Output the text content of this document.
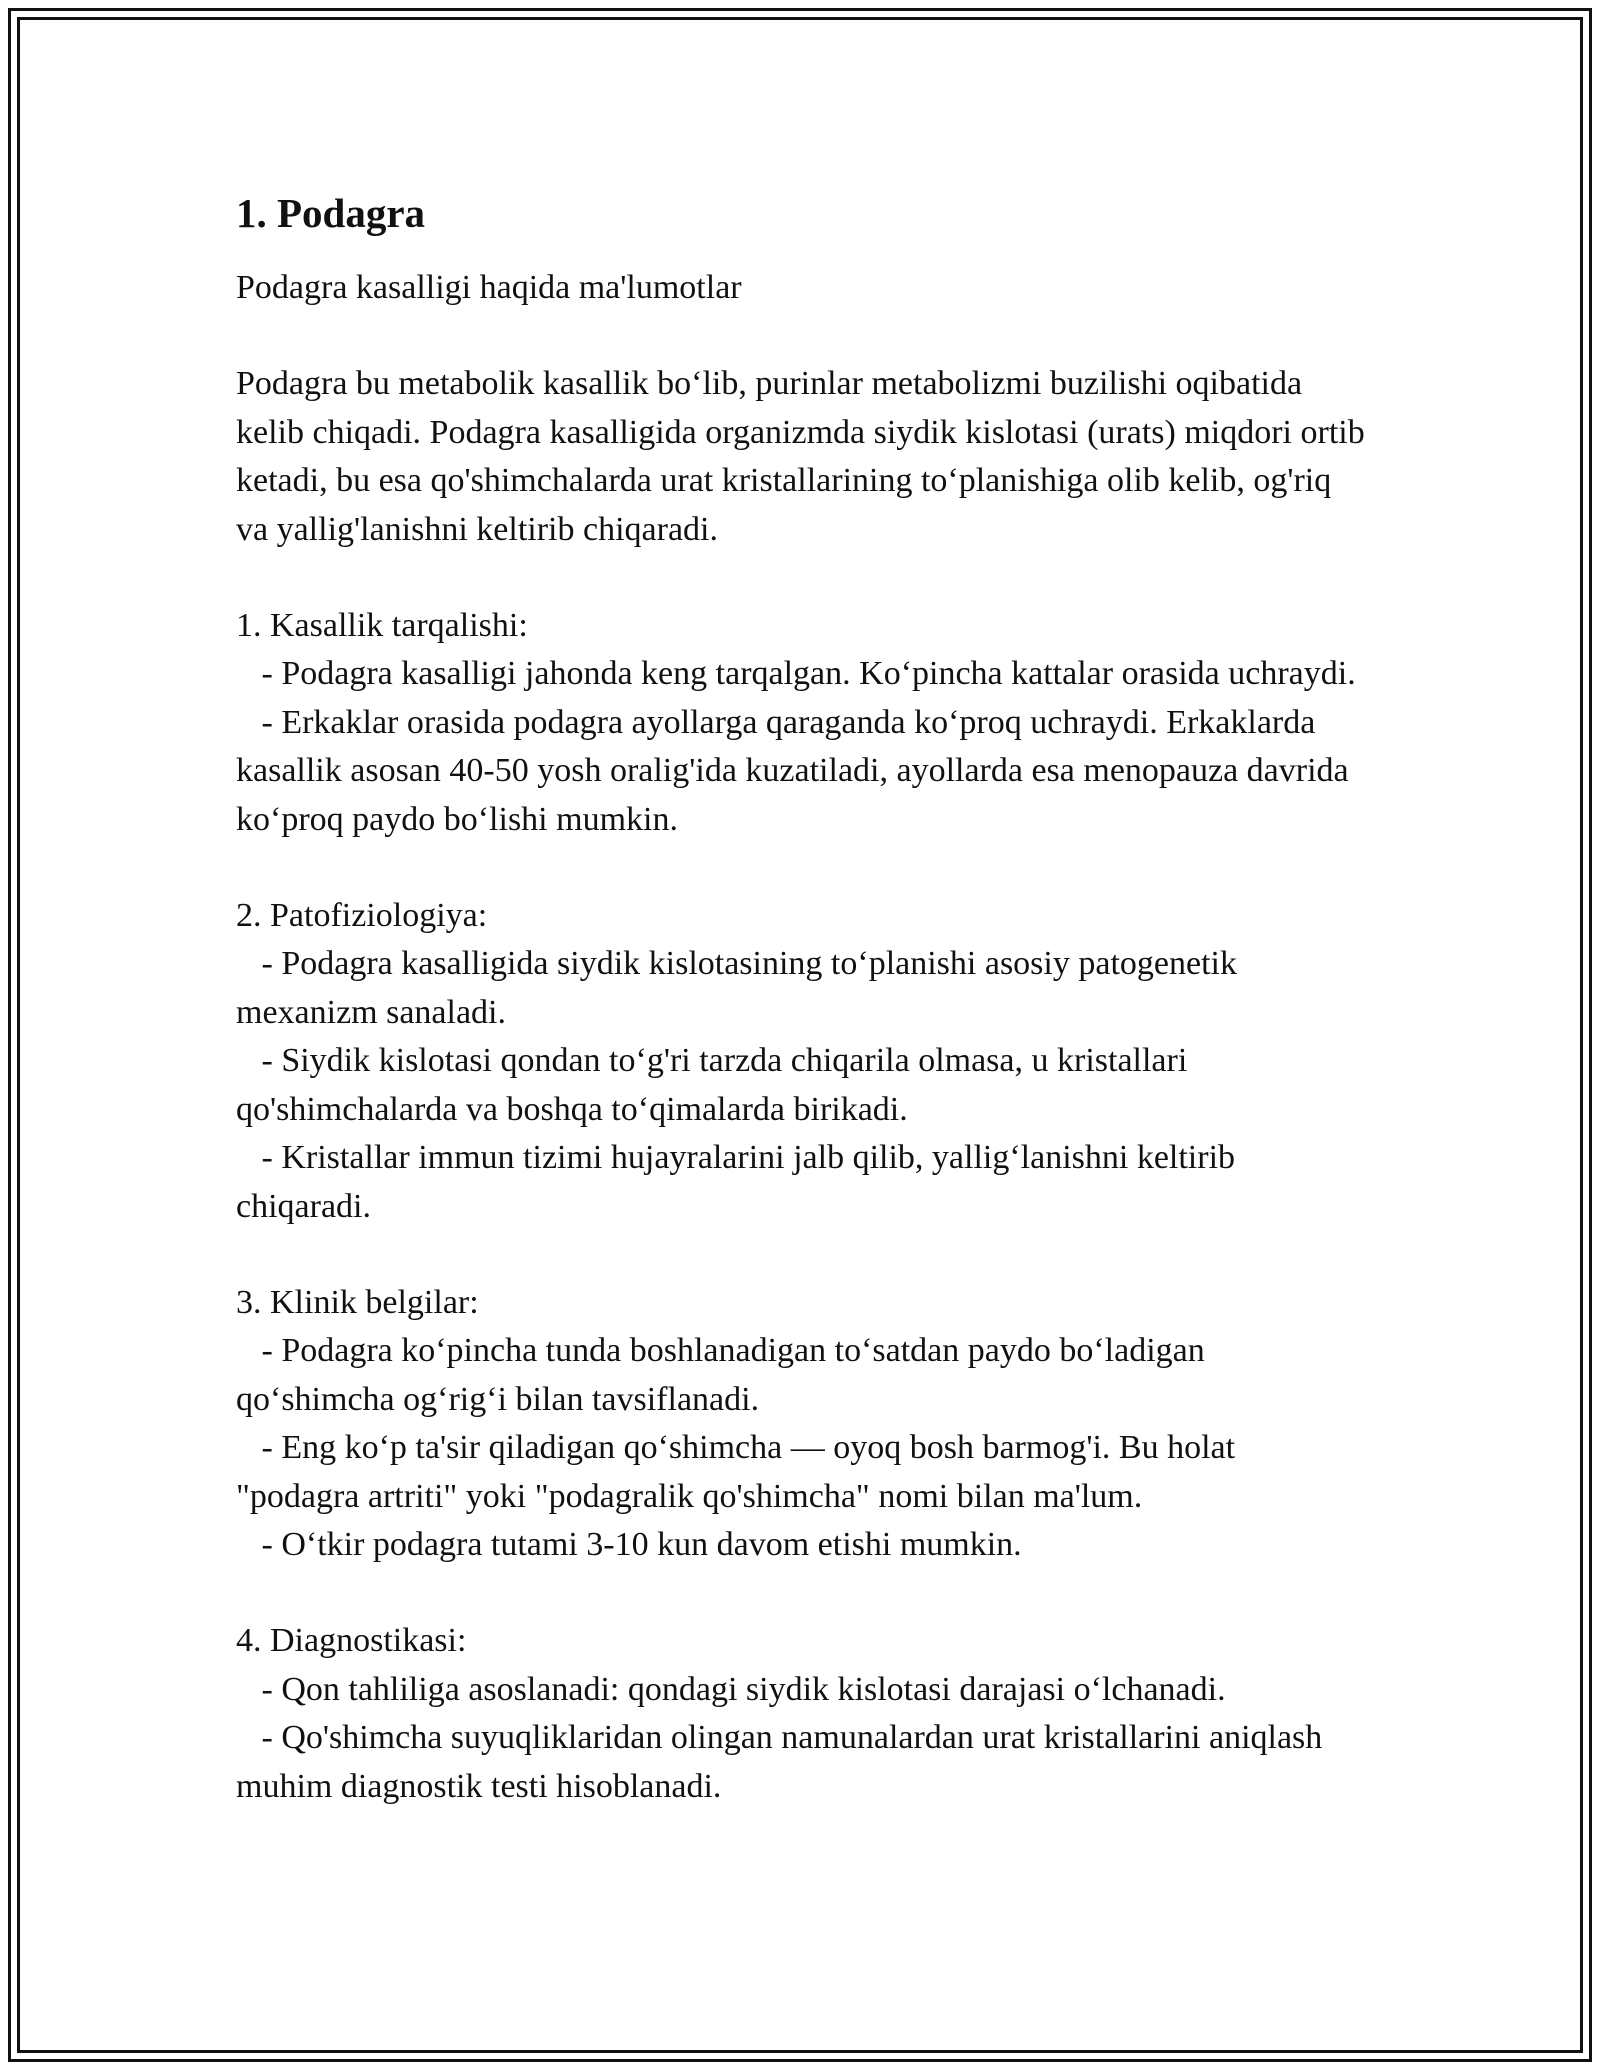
1. Podagra

Podagra kasalligi haqida ma'lumotlar

Podagra bu metabolik kasallik bo‘lib, purinlar metabolizmi buzilishi oqibatida kelib chiqadi. Podagra kasalligida organizmda siydik kislotasi (urats) miqdori ortib ketadi, bu esa qo'shimchalarda urat kristallarining to‘planishiga olib kelib, og'riq va yallig'lanishni keltirib chiqaradi.

1. Kasallik tarqalishi:

- Podagra kasalligi jahonda keng tarqalgan. Ko‘pincha kattalar orasida uchraydi.

- Erkaklar orasida podagra ayollarga qaraganda ko‘proq uchraydi. Erkaklarda kasallik asosan 40-50 yosh oralig'ida kuzatiladi, ayollarda esa menopauza davrida ko‘proq paydo bo‘lishi mumkin.

2. Patofiziologiya:

- Podagra kasalligida siydik kislotasining to‘planishi asosiy patogenetik mexanizm sanaladi.

- Siydik kislotasi qondan to‘g'ri tarzda chiqarila olmasa, u kristallari qo'shimchalarda va boshqa to‘qimalarda birikadi.

- Kristallar immun tizimi hujayralarini jalb qilib, yallig‘lanishni keltirib chiqaradi.

3. Klinik belgilar:

- Podagra ko‘pincha tunda boshlanadigan to‘satdan paydo bo‘ladigan qo‘shimcha og‘rig‘i bilan tavsiflanadi.

- Eng ko‘p ta'sir qiladigan qo‘shimcha — oyoq bosh barmog'i. Bu holat "podagra artriti" yoki "podagralik qo'shimcha" nomi bilan ma'lum.

- O‘tkir podagra tutami 3-10 kun davom etishi mumkin.

4. Diagnostikasi:

- Qon tahliliga asoslanadi: qondagi siydik kislotasi darajasi o‘lchanadi.

- Qo'shimcha suyuqliklaridan olingan namunalardan urat kristallarini aniqlash muhim diagnostik testi hisoblanadi.
